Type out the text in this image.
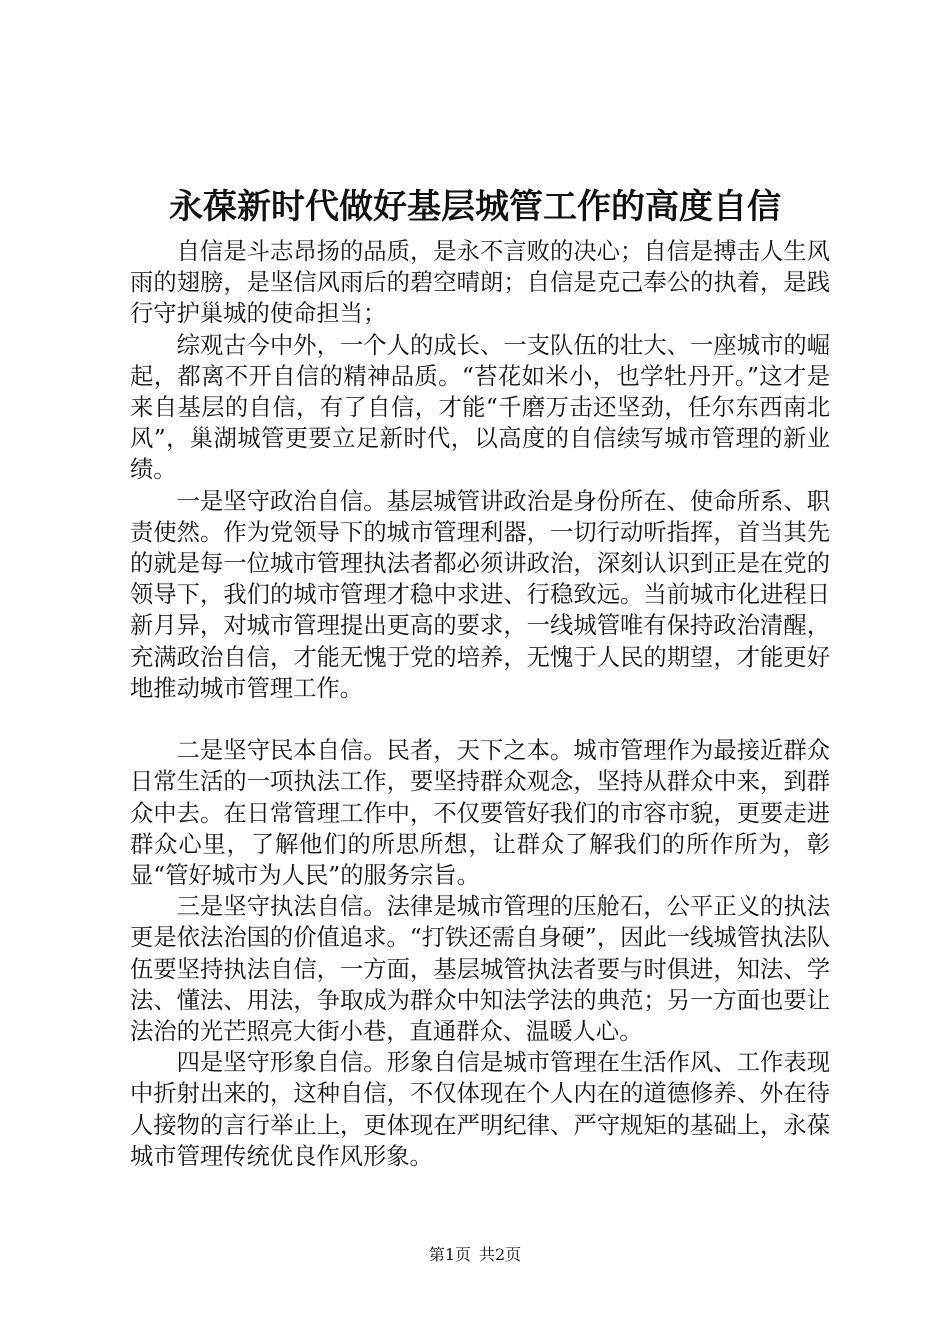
永葆新时代做好基层城管工作的高度自信

自信是斗志昂扬的品质，是永不言败的决心；自信是搏击人生风雨的翅膀，是坚信风雨后的碧空晴朗；自信是克己奉公的执着，是践行守护巢城的使命担当；

综观古今中外，一个人的成长、一支队伍的壮大、一座城市的崛起，都离不开自信的精神品质。“苔花如米小，也学牡丹开。”这才是来自基层的自信，有了自信，才能“千磨万击还坚劲，任尔东西南北风”，巢湖城管更要立足新时代，以高度的自信续写城市管理的新业绩。

一是坚守政治自信。基层城管讲政治是身份所在、使命所系、职责使然。作为党领导下的城市管理利器，一切行动听指挥，首当其先的就是每一位城市管理执法者都必须讲政治，深刻认识到正是在党的领导下，我们的城市管理才稳中求进、行稳致远。当前城市化进程日新月异，对城市管理提出更高的要求，一线城管唯有保持政治清醒，充满政治自信，才能无愧于党的培养，无愧于人民的期望，才能更好地推动城市管理工作。

二是坚守民本自信。民者，天下之本。城市管理作为最接近群众日常生活的一项执法工作，要坚持群众观念，坚持从群众中来，到群众中去。在日常管理工作中，不仅要管好我们的市容市貌，更要走进群众心里，了解他们的所思所想，让群众了解我们的所作所为，彰显“管好城市为人民”的服务宗旨。

三是坚守执法自信。法律是城市管理的压舱石，公平正义的执法更是依法治国的价值追求。“打铁还需自身硬”，因此一线城管执法队伍要坚持执法自信，一方面，基层城管执法者要与时俱进，知法、学法、懂法、用法，争取成为群众中知法学法的典范；另一方面也要让法治的光芒照亮大街小巷，直通群众、温暖人心。

四是坚守形象自信。形象自信是城市管理在生活作风、工作表现中折射出来的，这种自信，不仅体现在个人内在的道德修养、外在待人接物的言行举止上，更体现在严明纪律、严守规矩的基础上，永葆城市管理传统优良作风形象。

第1页 共2页
